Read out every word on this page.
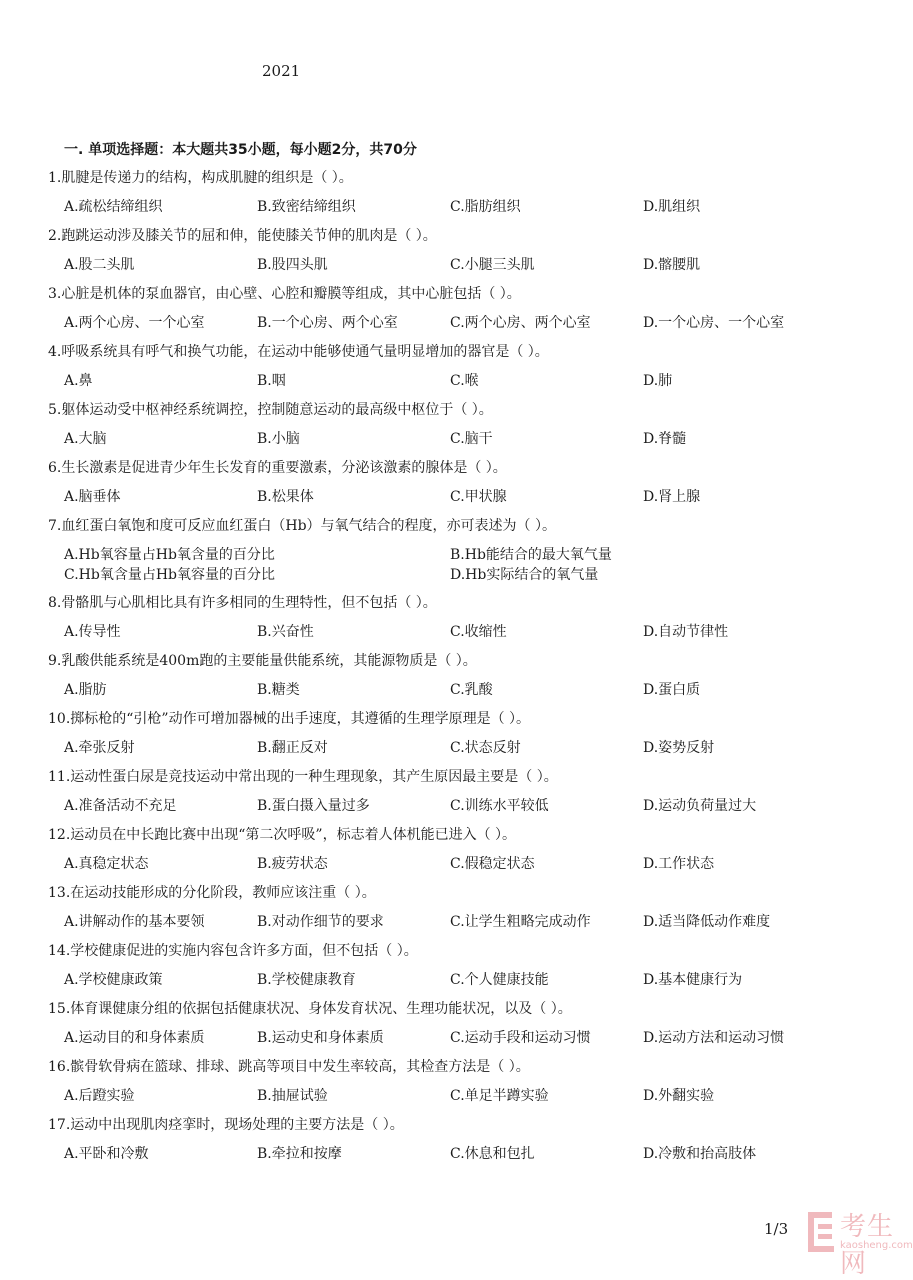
2021
一. 单项选择题：本大题共35小题，每小题2分，共70分
1.肌腱是传递力的结构，构成肌腱的组织是（ ）。
A.疏松结缔组织	B.致密结缔组织	C.脂肪组织	D.肌组织
2.跑跳运动涉及膝关节的屈和伸，能使膝关节伸的肌肉是（ ）。
A.股二头肌	B.股四头肌	C.小腿三头肌	D.髂腰肌
3.心脏是机体的泵血器官，由心壁、心腔和瓣膜等组成，其中心脏包括（ ）。
A.两个心房、一个心室	B.一个心房、两个心室	C.两个心房、两个心室	D.一个心房、一个心室
4.呼吸系统具有呼气和换气功能，在运动中能够使通气量明显增加的器官是（ ）。
A.鼻	B.咽	C.喉	D.肺
5.躯体运动受中枢神经系统调控，控制随意运动的最高级中枢位于（ ）。
A.大脑	B.小脑	C.脑干	D.脊髓
6.生长激素是促进青少年生长发育的重要激素，分泌该激素的腺体是（ ）。
A.脑垂体	B.松果体	C.甲状腺	D.肾上腺
7.血红蛋白氧饱和度可反应血红蛋白（Hb）与氧气结合的程度，亦可表述为（ ）。
A.Hb氧容量占Hb氧含量的百分比	B.Hb能结合的最大氧气量
C.Hb氧含量占Hb氧容量的百分比	D.Hb实际结合的氧气量
8.骨骼肌与心肌相比具有许多相同的生理特性，但不包括（ ）。
A.传导性	B.兴奋性	C.收缩性	D.自动节律性
9.乳酸供能系统是400m跑的主要能量供能系统，其能源物质是（ ）。
A.脂肪	B.糖类	C.乳酸	D.蛋白质
10.掷标枪的“引枪”动作可增加器械的出手速度，其遵循的生理学原理是（ ）。
A.牵张反射	B.翻正反对	C.状态反射	D.姿势反射
11.运动性蛋白尿是竞技运动中常出现的一种生理现象，其产生原因最主要是（ ）。
A.准备活动不充足	B.蛋白摄入量过多	C.训练水平较低	D.运动负荷量过大
12.运动员在中长跑比赛中出现“第二次呼吸”，标志着人体机能已进入（ ）。
A.真稳定状态	B.疲劳状态	C.假稳定状态	D.工作状态
13.在运动技能形成的分化阶段，教师应该注重（ ）。
A.讲解动作的基本要领	B.对动作细节的要求	C.让学生粗略完成动作	D.适当降低动作难度
14.学校健康促进的实施内容包含许多方面，但不包括（ ）。
A.学校健康政策	B.学校健康教育	C.个人健康技能	D.基本健康行为
15.体育课健康分组的依据包括健康状况、身体发育状况、生理功能状况，以及（ ）。
A.运动目的和身体素质	B.运动史和身体素质	C.运动手段和运动习惯	D.运动方法和运动习惯
16.髌骨软骨病在篮球、排球、跳高等项目中发生率较高，其检查方法是（ ）。
A.后蹬实验	B.抽屉试验	C.单足半蹲实验	D.外翻实验
17.运动中出现肌肉痉挛时，现场处理的主要方法是（ ）。
A.平卧和冷敷	B.牵拉和按摩	C.休息和包扎	D.冷敷和抬高肢体
1/3 考生网
kaosheng.com
